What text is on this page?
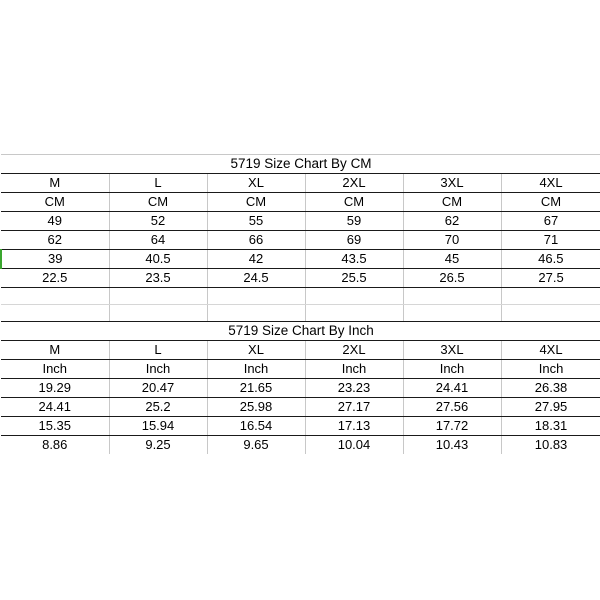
5719 Size Chart By CM					
M	L	XL	2XL	3XL	4XL
CM	CM	CM	CM	CM	CM
49	52	55	59	62	67
62	64	66	69	70	71
39	40.5	42	43.5	45	46.5
22.5	23.5	24.5	25.5	26.5	27.5

5719 Size Chart By Inch					
M	L	XL	2XL	3XL	4XL
Inch	Inch	Inch	Inch	Inch	Inch
19.29	20.47	21.65	23.23	24.41	26.38
24.41	25.2	25.98	27.17	27.56	27.95
15.35	15.94	16.54	17.13	17.72	18.31
8.86	9.25	9.65	10.04	10.43	10.83
